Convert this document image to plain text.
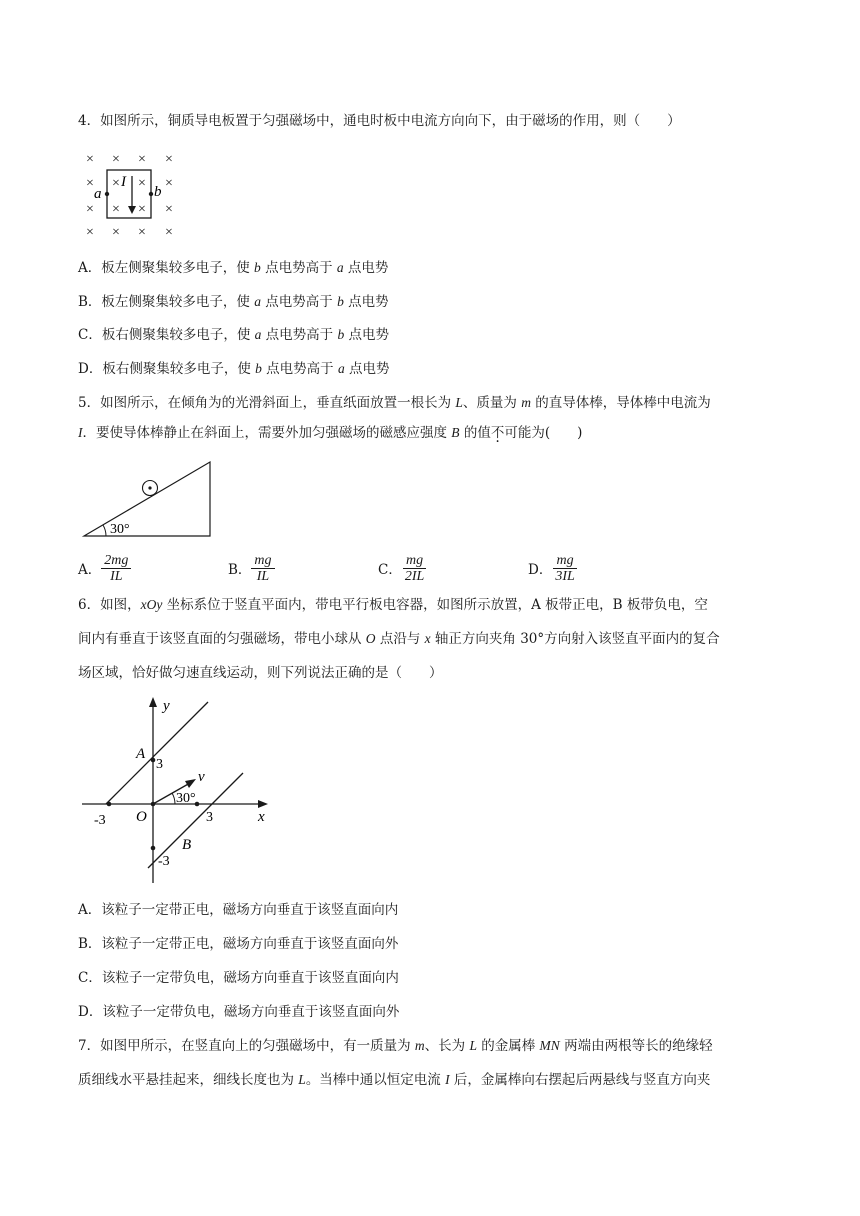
4．如图所示，铜质导电板置于匀强磁场中，通电时板中电流方向向下，由于磁场的作用，则（　　）
× × × ×
× × × ×
× × × ×
× × × ×
I
a	b
A．板左侧聚集较多电子，使 b 点电势高于 a 点电势
B．板左侧聚集较多电子，使 a 点电势高于 b 点电势
C．板右侧聚集较多电子，使 a 点电势高于 b 点电势
D．板右侧聚集较多电子，使 b 点电势高于 a 点电势
5．如图所示，在倾角为的光滑斜面上，垂直纸面放置一根长为 L、质量为 m 的直导体棒，导体棒中电流为
I．要使导体棒静止在斜面上，需要外加匀强磁场的磁感应强度 B 的值不可能为(　　)
30°
A． $\frac{2mg}{IL}$	B． $\frac{mg}{IL}$	C． $\frac{mg}{2IL}$	D． $\frac{mg}{3IL}$
6．如图，xOy 坐标系位于竖直平面内，带电平行板电容器，如图所示放置，A 板带正电，B 板带负电，空
间内有垂直于该竖直面的匀强磁场，带电小球从 O 点沿与 x 轴正方向夹角 30°方向射入该竖直平面内的复合
场区域，恰好做匀速直线运动，则下列说法正确的是（　　）
y
x
O
A
B
3
-3
-3	3
v
30°
A．该粒子一定带正电，磁场方向垂直于该竖直面向内
B．该粒子一定带正电，磁场方向垂直于该竖直面向外
C．该粒子一定带负电，磁场方向垂直于该竖直面向内
D．该粒子一定带负电，磁场方向垂直于该竖直面向外
7．如图甲所示，在竖直向上的匀强磁场中，有一质量为 m、长为 L 的金属棒 MN 两端由两根等长的绝缘轻
质细线水平悬挂起来，细线长度也为 L。当棒中通以恒定电流 I 后，金属棒向右摆起后两悬线与竖直方向夹
